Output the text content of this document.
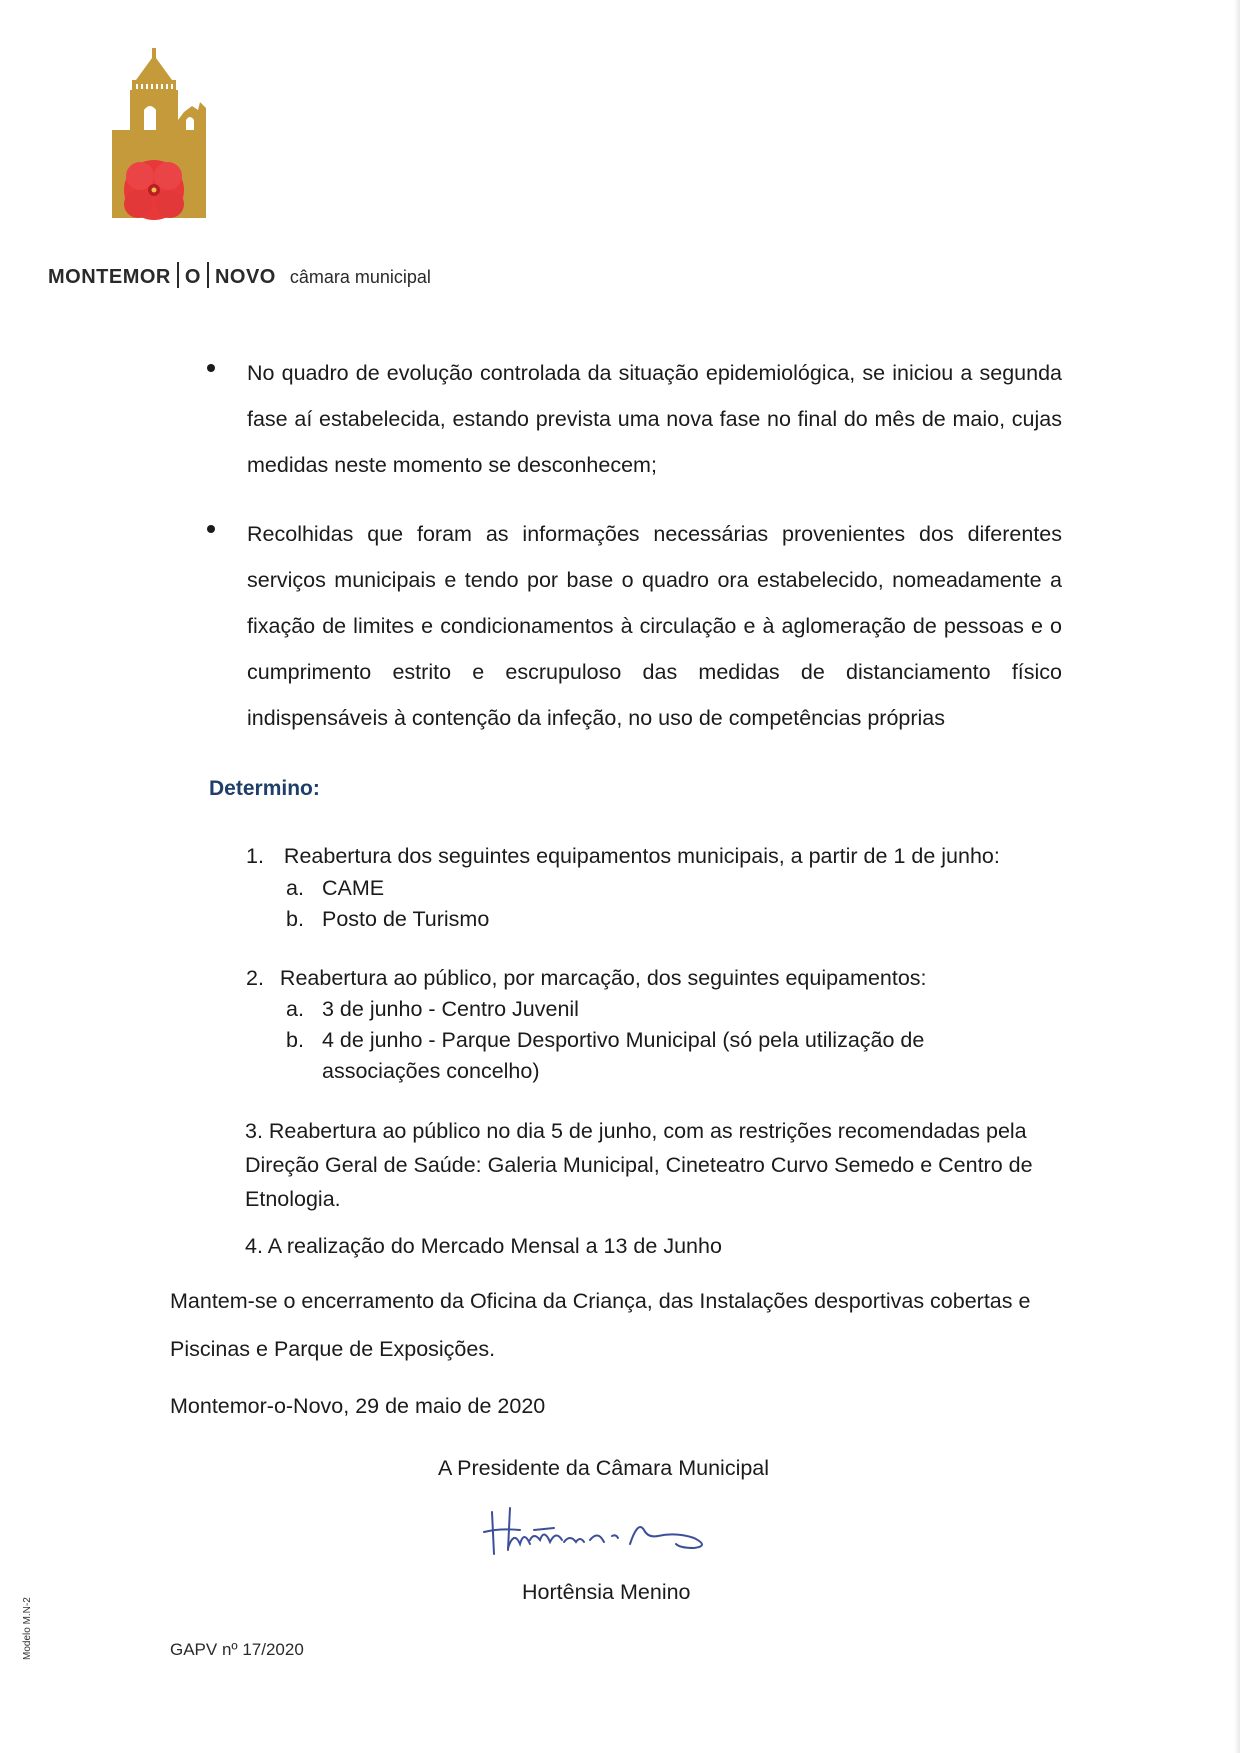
MONTEMOR O NOVO câmara municipal

No quadro de evolução controlada da situação epidemiológica, se iniciou a segunda fase aí estabelecida, estando prevista uma nova fase no final do mês de maio, cujas medidas neste momento se desconhecem;

Recolhidas que foram as informações necessárias provenientes dos diferentes serviços municipais e tendo por base o quadro ora estabelecido, nomeadamente a fixação de limites e condicionamentos à circulação e à aglomeração de pessoas e o cumprimento estrito e escrupuloso das medidas de distanciamento físico indispensáveis à contenção da infeção, no uso de competências próprias

Determino:
1. Reabertura dos seguintes equipamentos municipais, a partir de 1 de junho:
a. CAME
b. Posto de Turismo
2. Reabertura ao público, por marcação, dos seguintes equipamentos:
a. 3 de junho - Centro Juvenil
b. 4 de junho - Parque Desportivo Municipal (só pela utilização de
associações concelho)
3. Reabertura ao público no dia 5 de junho, com as restrições recomendadas pela Direção Geral de Saúde: Galeria Municipal, Cineteatro Curvo Semedo e Centro de Etnologia.
4. A realização do Mercado Mensal a 13 de Junho
Mantem-se o encerramento da Oficina da Criança, das Instalações desportivas cobertas e Piscinas e Parque de Exposições.
Montemor-o-Novo, 29 de maio de 2020
A Presidente da Câmara Municipal
Hortênsia Menino
Modelo M.N-2	GAPV nº 17/2020
